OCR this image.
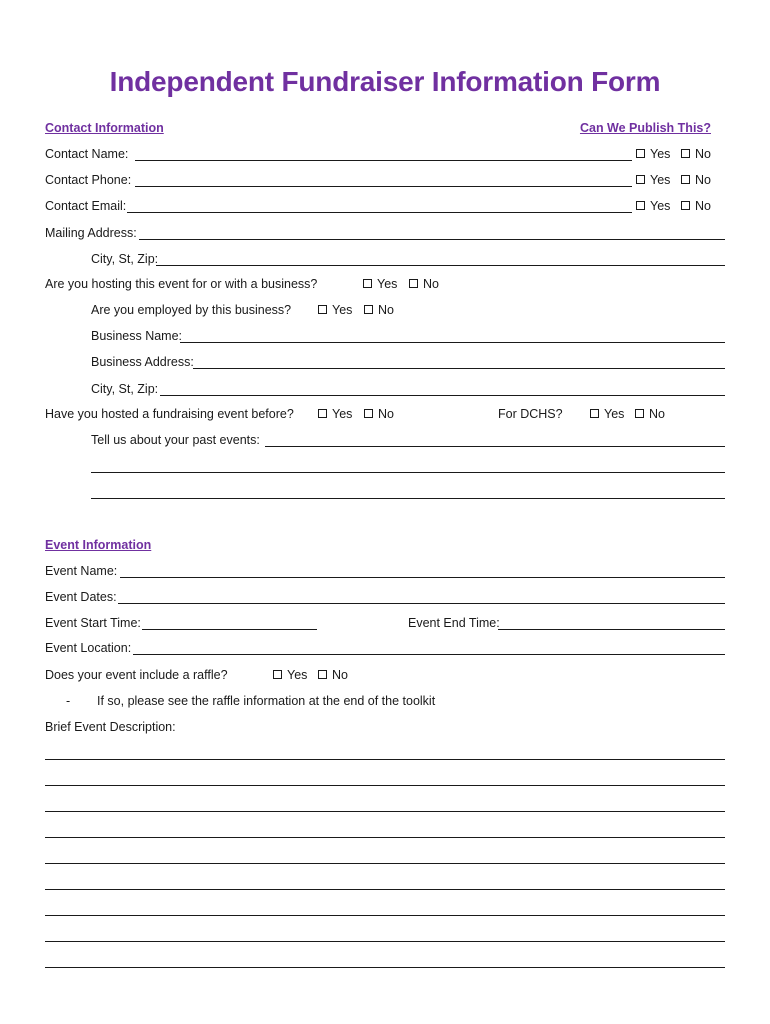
Independent Fundraiser Information Form
Contact Information	Can We Publish This?
Contact Name:	Yes No
Contact Phone:	Yes No
Contact Email:	Yes No
Mailing Address:
City, St, Zip:
Are you hosting this event for or with a business?	Yes No
Are you employed by this business?	Yes No
Business Name:
Business Address:
City, St, Zip:
Have you hosted a fundraising event before?	Yes No	For DCHS?	Yes No
Tell us about your past events:
Event Information
Event Name:
Event Dates:
Event Start Time:	Event End Time:
Event Location:
Does your event include a raffle?	Yes No
- If so, please see the raffle information at the end of the toolkit
Brief Event Description:
